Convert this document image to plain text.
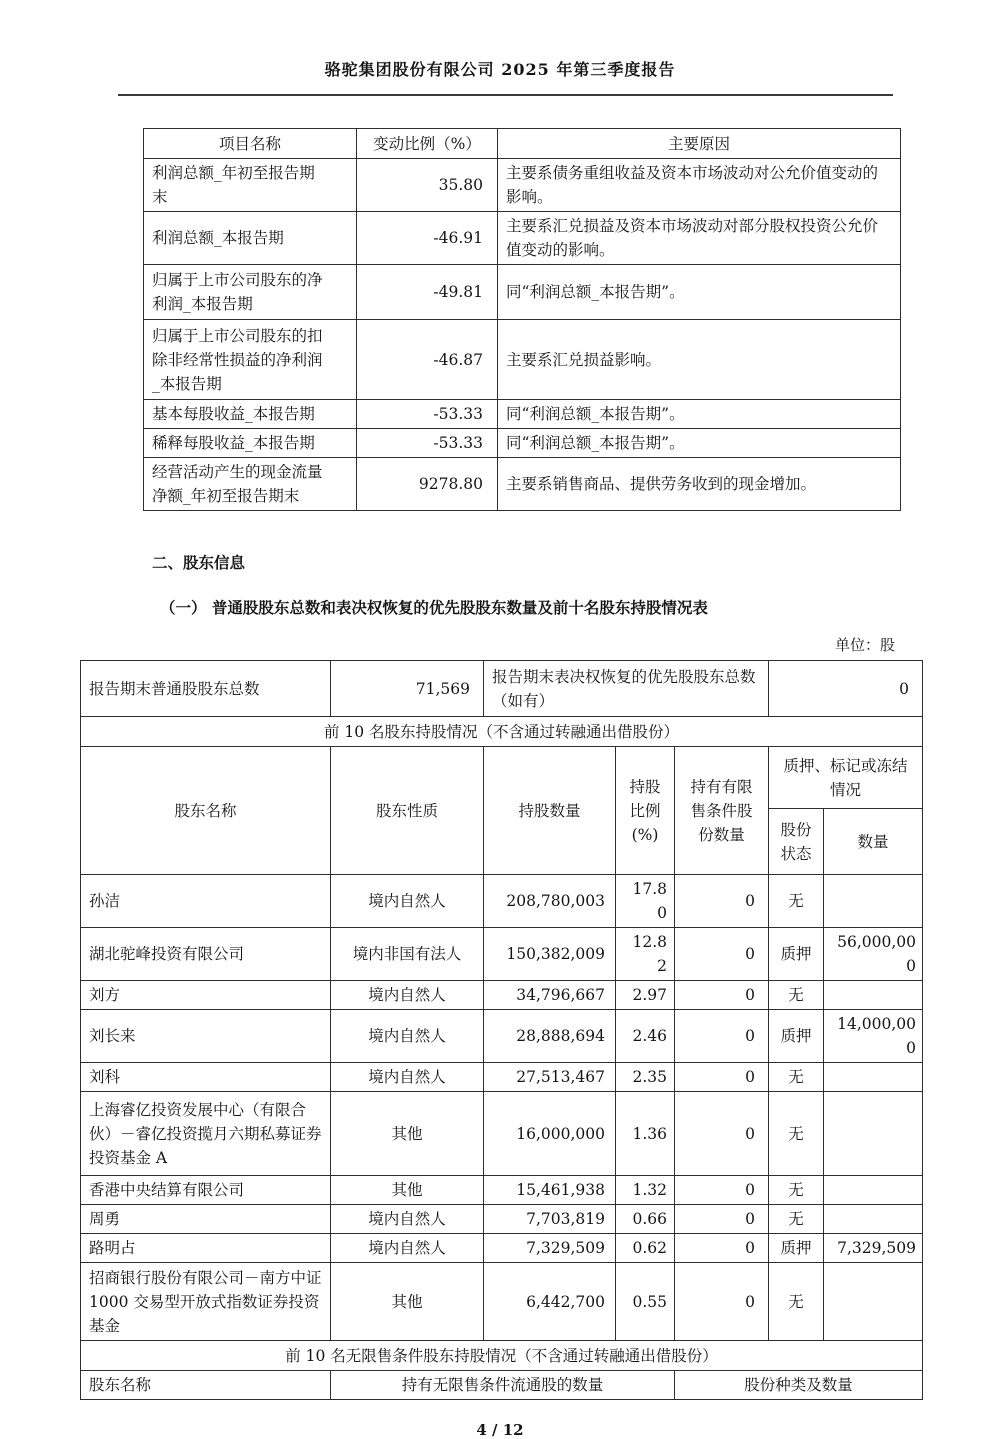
骆驼集团股份有限公司 2025 年第三季度报告
项目名称	变动比例（%）	主要原因
利润总额_年初至报告期末	35.80	主要系债务重组收益及资本市场波动对公允价值变动的影响。
利润总额_本报告期	-46.91	主要系汇兑损益及资本市场波动对部分股权投资公允价值变动的影响。
归属于上市公司股东的净利润_本报告期	-49.81	同“利润总额_本报告期”。
归属于上市公司股东的扣除非经常性损益的净利润_本报告期	-46.87	主要系汇兑损益影响。
基本每股收益_本报告期	-53.33	同“利润总额_本报告期”。
稀释每股收益_本报告期	-53.33	同“利润总额_本报告期”。
经营活动产生的现金流量净额_年初至报告期末	9278.80	主要系销售商品、提供劳务收到的现金增加。
二、股东信息
（一） 普通股股东总数和表决权恢复的优先股股东数量及前十名股东持股情况表
单位：股
报告期末普通股股东总数	71,569	报告期末表决权恢复的优先股股东总数（如有）			0	
前 10 名股东持股情况（不含通过转融通出借股份）						
股东名称	股东性质	持股数量	持股比例(%)	持有有限售条件股份数量	质押、标记或冻结情况	
					股份状态	数量
孙洁	境内自然人	208,780,003	17.80	0	无	
湖北驼峰投资有限公司	境内非国有法人	150,382,009	12.82	0	质押	56,000,000
刘方	境内自然人	34,796,667	2.97	0	无	
刘长来	境内自然人	28,888,694	2.46	0	质押	14,000,000
刘科	境内自然人	27,513,467	2.35	0	无	
上海睿亿投资发展中心（有限合伙）－睿亿投资揽月六期私募证券投资基金 A	其他	16,000,000	1.36	0	无	
香港中央结算有限公司	其他	15,461,938	1.32	0	无	
周勇	境内自然人	7,703,819	0.66	0	无	
路明占	境内自然人	7,329,509	0.62	0	质押	7,329,509
招商银行股份有限公司－南方中证 1000 交易型开放式指数证券投资基金	其他	6,442,700	0.55	0	无	
前 10 名无限售条件股东持股情况（不含通过转融通出借股份）						
股东名称	持有无限售条件流通股的数量			股份种类及数量		
4 / 12
